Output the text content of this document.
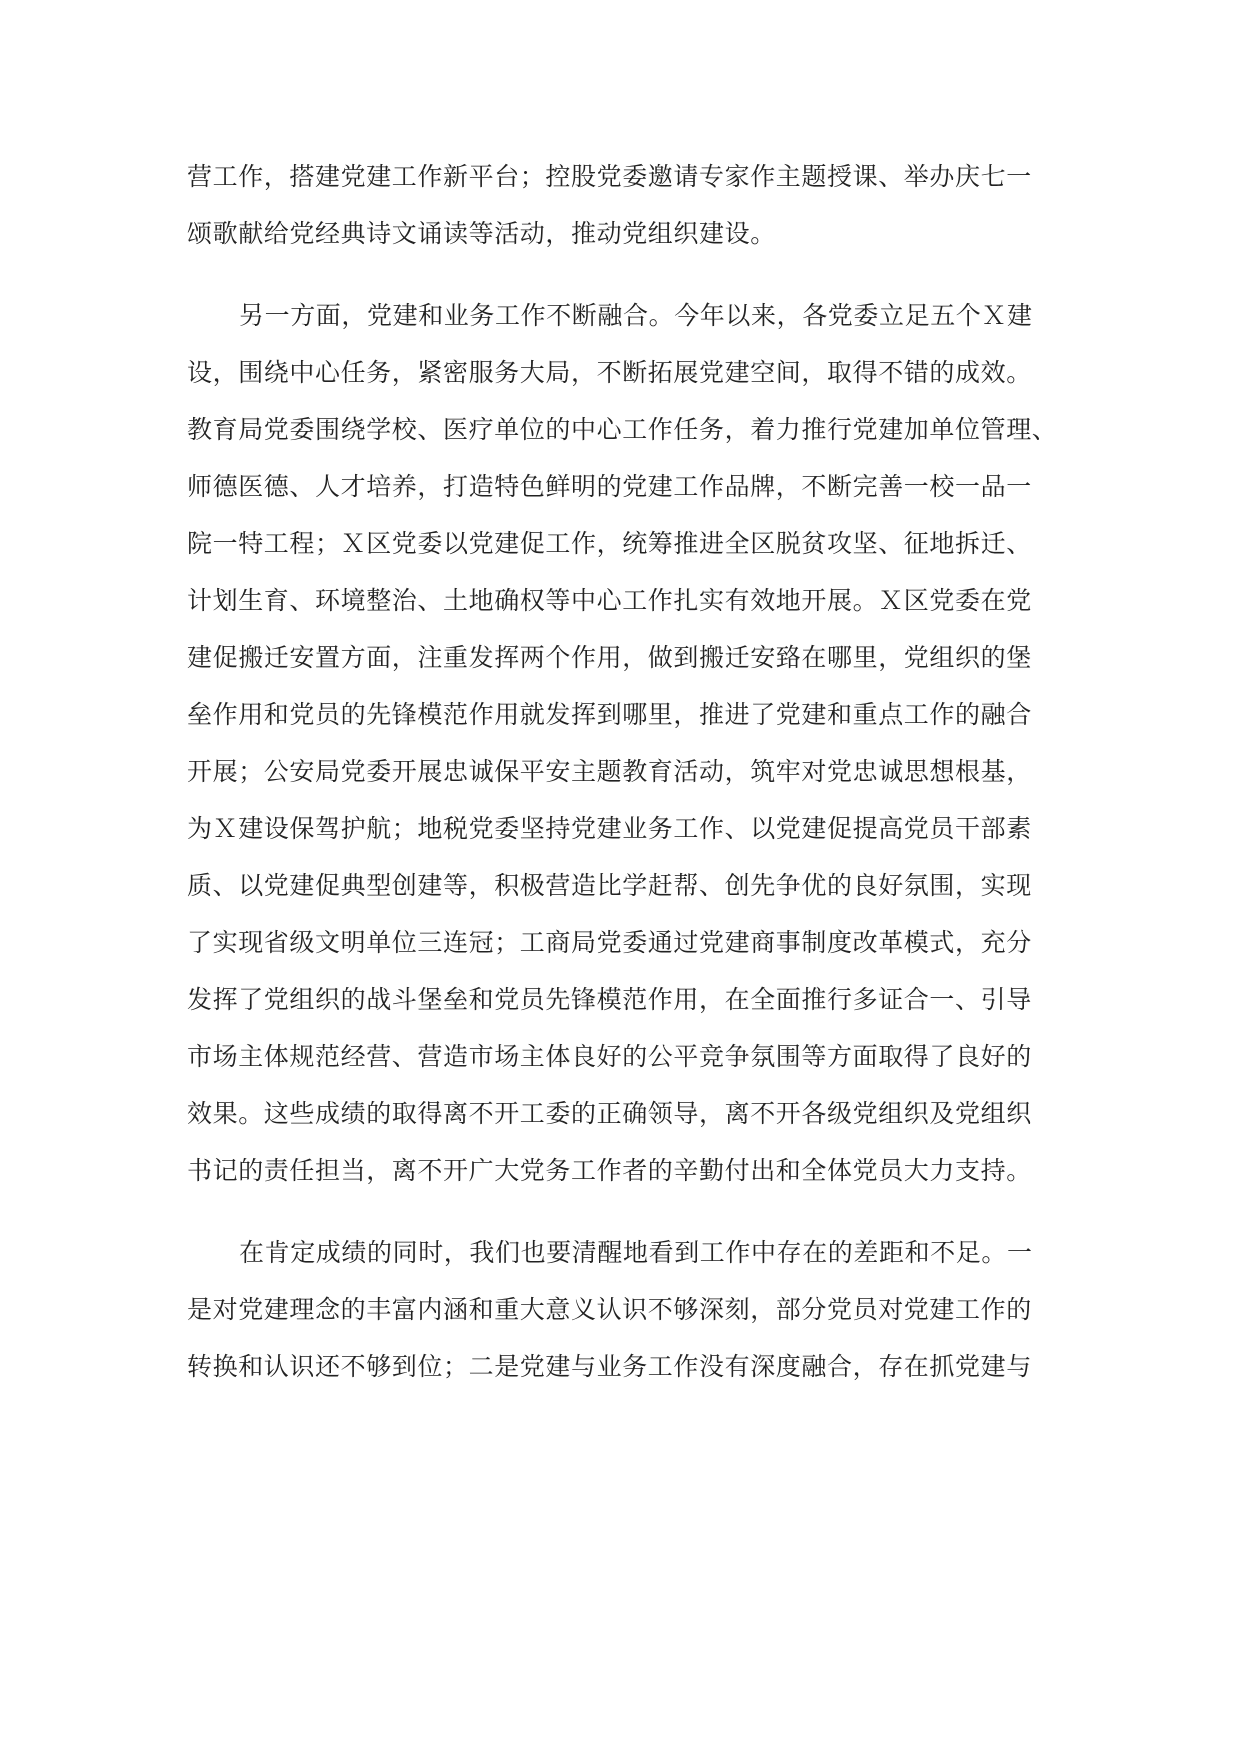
营工作，搭建党建工作新平台；控股党委邀请专家作主题授课、举办庆七一
颂歌献给党经典诗文诵读等活动，推动党组织建设。
另一方面，党建和业务工作不断融合。今年以来，各党委立足五个Ｘ建
设，围绕中心任务，紧密服务大局，不断拓展党建空间，取得不错的成效。
教育局党委围绕学校、医疗单位的中心工作任务，着力推行党建加单位管理、
师德医德、人才培养，打造特色鲜明的党建工作品牌，不断完善一校一品一
院一特工程；Ｘ区党委以党建促工作，统筹推进全区脱贫攻坚、征地拆迁、
计划生育、环境整治、土地确权等中心工作扎实有效地开展。Ｘ区党委在党
建促搬迁安置方面，注重发挥两个作用，做到搬迁安臵在哪里，党组织的堡
垒作用和党员的先锋模范作用就发挥到哪里，推进了党建和重点工作的融合
开展；公安局党委开展忠诚保平安主题教育活动，筑牢对党忠诚思想根基，
为Ｘ建设保驾护航；地税党委坚持党建业务工作、以党建促提高党员干部素
质、以党建促典型创建等，积极营造比学赶帮、创先争优的良好氛围，实现
了实现省级文明单位三连冠；工商局党委通过党建商事制度改革模式，充分
发挥了党组织的战斗堡垒和党员先锋模范作用，在全面推行多证合一、引导
市场主体规范经营、营造市场主体良好的公平竞争氛围等方面取得了良好的
效果。这些成绩的取得离不开工委的正确领导，离不开各级党组织及党组织
书记的责任担当，离不开广大党务工作者的辛勤付出和全体党员大力支持。
在肯定成绩的同时，我们也要清醒地看到工作中存在的差距和不足。一
是对党建理念的丰富内涵和重大意义认识不够深刻，部分党员对党建工作的
转换和认识还不够到位；二是党建与业务工作没有深度融合，存在抓党建与
